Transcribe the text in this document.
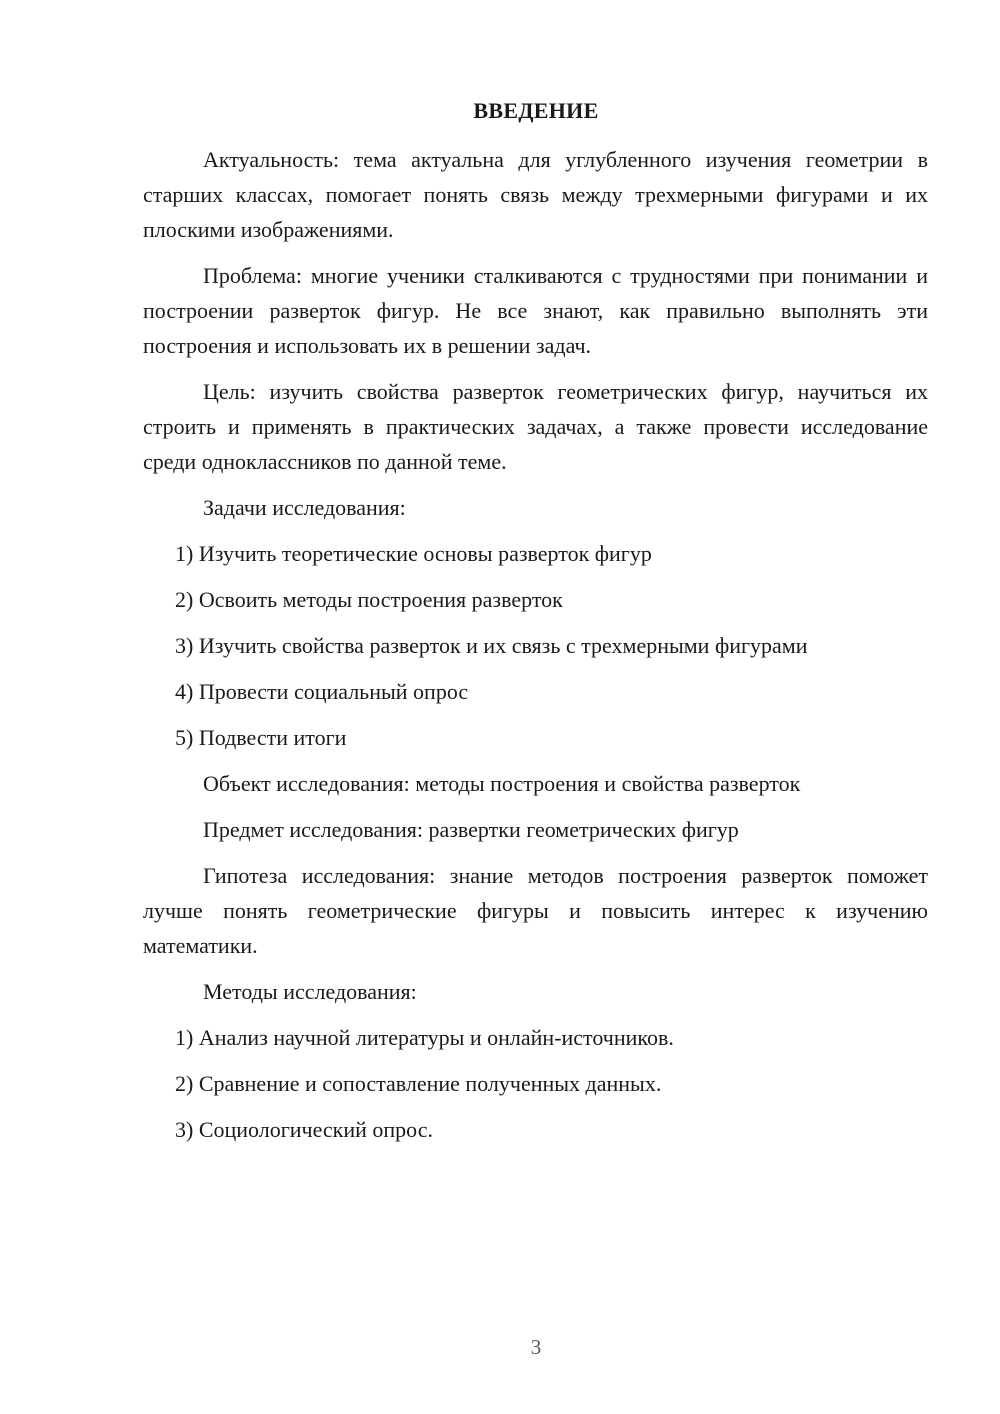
ВВЕДЕНИЕ

Актуальность: тема актуальна для углубленного изучения геометрии в старших классах, помогает понять связь между трехмерными фигурами и их плоскими изображениями.

Проблема: многие ученики сталкиваются с трудностями при понимании и построении разверток фигур. Не все знают, как правильно выполнять эти построения и использовать их в решении задач.

Цель: изучить свойства разверток геометрических фигур, научиться их строить и применять в практических задачах, а также провести исследование среди одноклассников по данной теме.

Задачи исследования:

1) Изучить теоретические основы разверток фигур

2) Освоить методы построения разверток

3) Изучить свойства разверток и их связь с трехмерными фигурами

4) Провести социальный опрос

5) Подвести итоги

Объект исследования: методы построения и свойства разверток

Предмет исследования: развертки геометрических фигур

Гипотеза исследования: знание методов построения разверток поможет лучше понять геометрические фигуры и повысить интерес к изучению математики.

Методы исследования:

1) Анализ научной литературы и онлайн-источников.

2) Сравнение и сопоставление полученных данных.

3) Социологический опрос.

3
